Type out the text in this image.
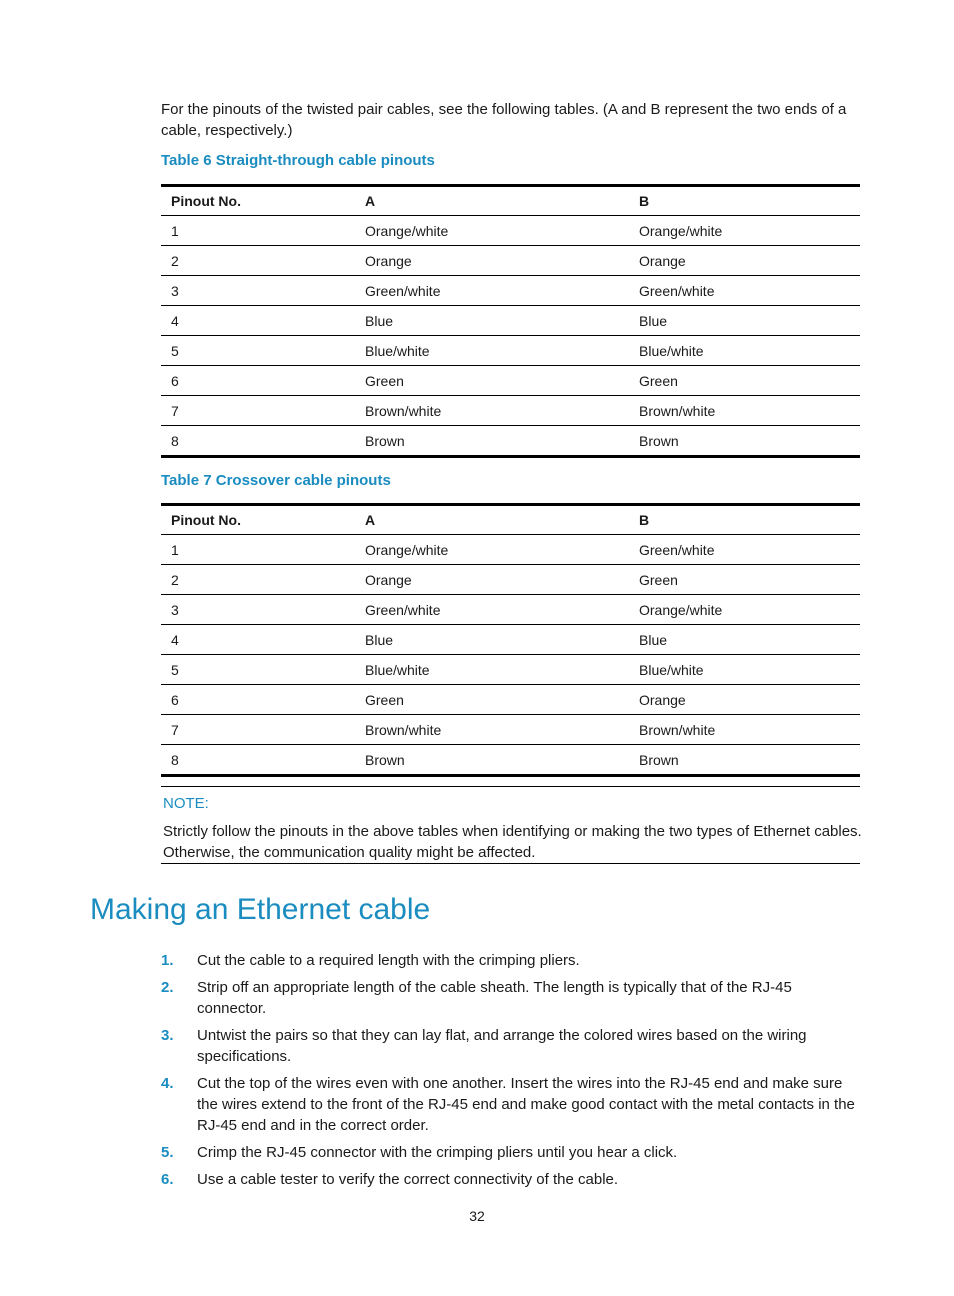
For the pinouts of the twisted pair cables, see the following tables. (A and B represent the two ends of a cable, respectively.)

Table 6 Straight-through cable pinouts

Pinout No.	A	B
1	Orange/white	Orange/white
2	Orange	Orange
3	Green/white	Green/white
4	Blue	Blue
5	Blue/white	Blue/white
6	Green	Green
7	Brown/white	Brown/white
8	Brown	Brown

Table 7 Crossover cable pinouts

Pinout No.	A	B
1	Orange/white	Green/white
2	Orange	Green
3	Green/white	Orange/white
4	Blue	Blue
5	Blue/white	Blue/white
6	Green	Orange
7	Brown/white	Brown/white
8	Brown	Brown
NOTE:

Strictly follow the pinouts in the above tables when identifying or making the two types of Ethernet cables. Otherwise, the communication quality might be affected.

Making an Ethernet cable
1. Cut the cable to a required length with the crimping pliers.
2. Strip off an appropriate length of the cable sheath. The length is typically that of the RJ-45 connector.
3. Untwist the pairs so that they can lay flat, and arrange the colored wires based on the wiring specifications.
4. Cut the top of the wires even with one another. Insert the wires into the RJ-45 end and make sure the wires extend to the front of the RJ-45 end and make good contact with the metal contacts in the RJ-45 end and in the correct order.
5. Crimp the RJ-45 connector with the crimping pliers until you hear a click.
6. Use a cable tester to verify the correct connectivity of the cable.
32
